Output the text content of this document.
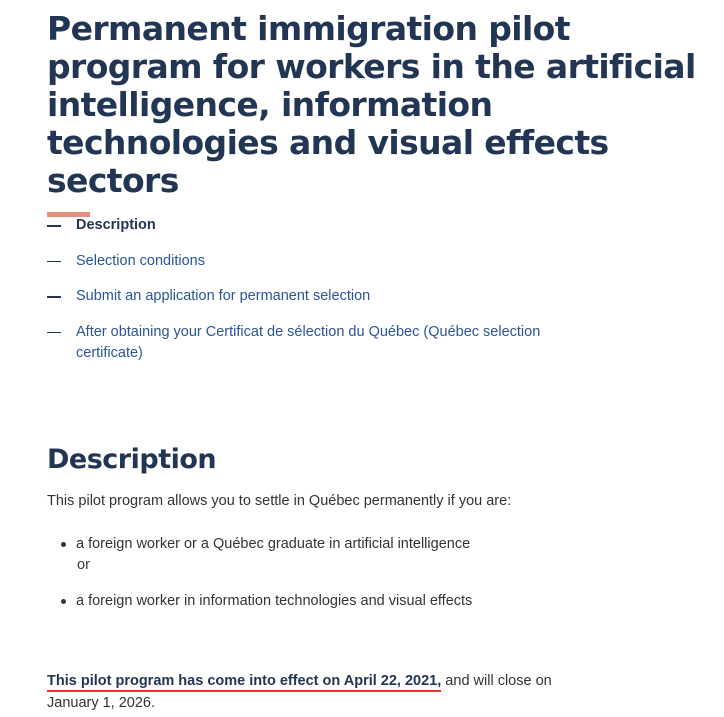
Permanent immigration pilot program for workers in the artificial intelligence, information technologies and visual effects sectors
Description
Selection conditions
Submit an application for permanent selection
After obtaining your Certificat de sélection du Québec (Québec selection certificate)
Description

This pilot program allows you to settle in Québec permanently if you are:

a foreign worker or a Québec graduate in artificial intelligence
or
a foreign worker in information technologies and visual effects

This pilot program has come into effect on April 22, 2021, and will close on January 1, 2026.
